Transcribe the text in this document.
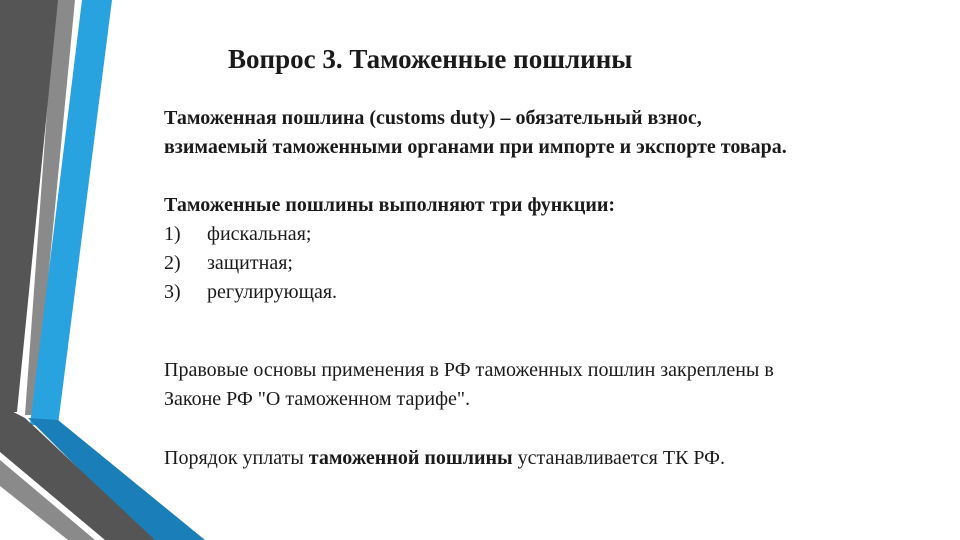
Вопрос 3. Таможенные пошлины

Таможенная пошлина (customs duty) – обязательный взнос,

взимаемый таможенными органами при импорте и экспорте товара.

Таможенные пошлины выполняют три функции:

1)	фискальная;
2)	защитная;
3)	регулирующая.

Правовые основы применения в РФ таможенных пошлин закреплены в

Законе РФ "О таможенном тарифе".

Порядок уплаты таможенной пошлины устанавливается ТК РФ.
